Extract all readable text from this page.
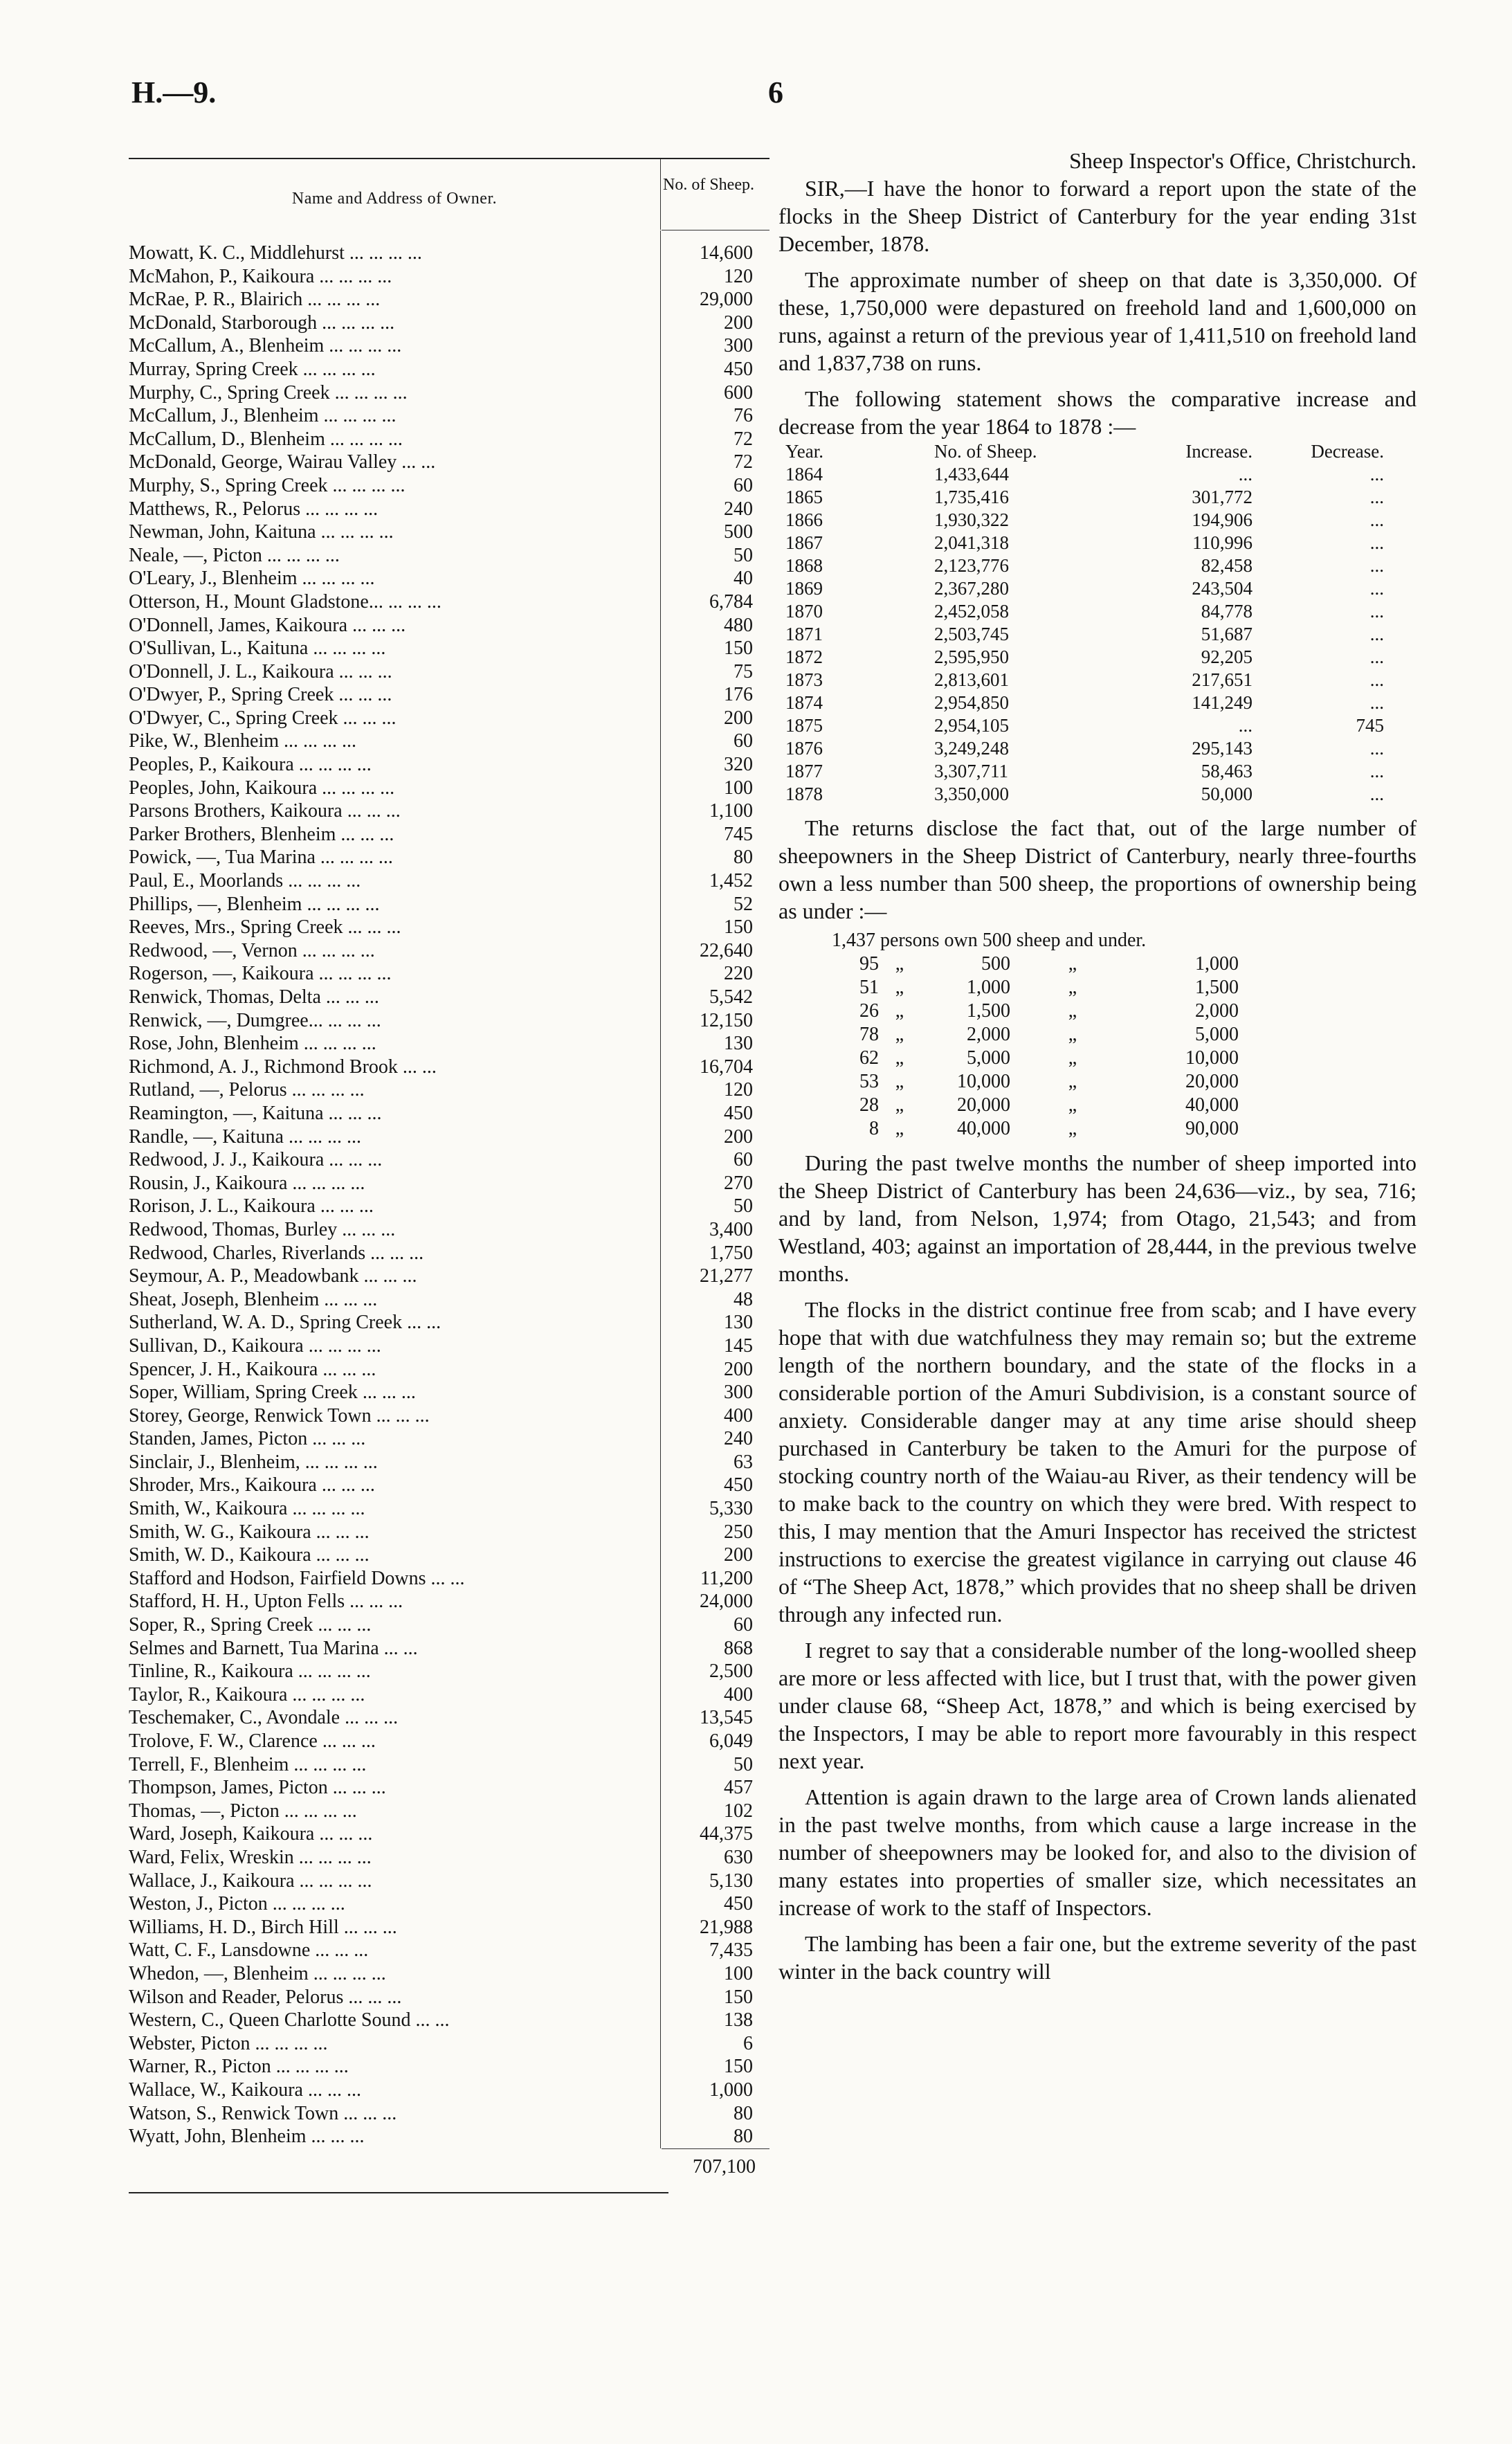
H.—9.	6
Name and Address of Owner.
No. of Sheep.
Mowatt, K. C., Middlehurst ... ... ... ...	14,600
McMahon, P., Kaikoura ... ... ... ...	120
McRae, P. R., Blairich ... ... ... ...	29,000
McDonald, Starborough ... ... ... ...	200
McCallum, A., Blenheim ... ... ... ...	300
Murray, Spring Creek ... ... ... ...	450
Murphy, C., Spring Creek ... ... ... ...	600
McCallum, J., Blenheim ... ... ... ...	76
McCallum, D., Blenheim ... ... ... ...	72
McDonald, George, Wairau Valley ... ...	72
Murphy, S., Spring Creek ... ... ... ...	60
Matthews, R., Pelorus ... ... ... ...	240
Newman, John, Kaituna ... ... ... ...	500
Neale, —, Picton ... ... ... ...	50
O'Leary, J., Blenheim ... ... ... ...	40
Otterson, H., Mount Gladstone... ... ... ...	6,784
O'Donnell, James, Kaikoura ... ... ...	480
O'Sullivan, L., Kaituna ... ... ... ...	150
O'Donnell, J. L., Kaikoura ... ... ...	75
O'Dwyer, P., Spring Creek ... ... ...	176
O'Dwyer, C., Spring Creek ... ... ...	200
Pike, W., Blenheim ... ... ... ...	60
Peoples, P., Kaikoura ... ... ... ...	320
Peoples, John, Kaikoura ... ... ... ...	100
Parsons Brothers, Kaikoura ... ... ...	1,100
Parker Brothers, Blenheim ... ... ...	745
Powick, —, Tua Marina ... ... ... ...	80
Paul, E., Moorlands ... ... ... ...	1,452
Phillips, —, Blenheim ... ... ... ...	52
Reeves, Mrs., Spring Creek ... ... ...	150
Redwood, —, Vernon ... ... ... ...	22,640
Rogerson, —, Kaikoura ... ... ... ...	220
Renwick, Thomas, Delta ... ... ...	5,542
Renwick, —, Dumgree... ... ... ...	12,150
Rose, John, Blenheim ... ... ... ...	130
Richmond, A. J., Richmond Brook ... ...	16,704
Rutland, —, Pelorus ... ... ... ...	120
Reamington, —, Kaituna ... ... ...	450
Randle, —, Kaituna ... ... ... ...	200
Redwood, J. J., Kaikoura ... ... ...	60
Rousin, J., Kaikoura ... ... ... ...	270
Rorison, J. L., Kaikoura ... ... ...	50
Redwood, Thomas, Burley ... ... ...	3,400
Redwood, Charles, Riverlands ... ... ...	1,750
Seymour, A. P., Meadowbank ... ... ...	21,277
Sheat, Joseph, Blenheim ... ... ...	48
Sutherland, W. A. D., Spring Creek ... ...	130
Sullivan, D., Kaikoura ... ... ... ...	145
Spencer, J. H., Kaikoura ... ... ...	200
Soper, William, Spring Creek ... ... ...	300
Storey, George, Renwick Town ... ... ...	400
Standen, James, Picton ... ... ...	240
Sinclair, J., Blenheim, ... ... ... ...	63
Shroder, Mrs., Kaikoura ... ... ...	450
Smith, W., Kaikoura ... ... ... ...	5,330
Smith, W. G., Kaikoura ... ... ...	250
Smith, W. D., Kaikoura ... ... ...	200
Stafford and Hodson, Fairfield Downs ... ...	11,200
Stafford, H. H., Upton Fells ... ... ...	24,000
Soper, R., Spring Creek ... ... ...	60
Selmes and Barnett, Tua Marina ... ...	868
Tinline, R., Kaikoura ... ... ... ...	2,500
Taylor, R., Kaikoura ... ... ... ...	400
Teschemaker, C., Avondale ... ... ...	13,545
Trolove, F. W., Clarence ... ... ...	6,049
Terrell, F., Blenheim ... ... ... ...	50
Thompson, James, Picton ... ... ...	457
Thomas, —, Picton ... ... ... ...	102
Ward, Joseph, Kaikoura ... ... ...	44,375
Ward, Felix, Wreskin ... ... ... ...	630
Wallace, J., Kaikoura ... ... ... ...	5,130
Weston, J., Picton ... ... ... ...	450
Williams, H. D., Birch Hill ... ... ...	21,988
Watt, C. F., Lansdowne ... ... ...	7,435
Whedon, —, Blenheim ... ... ... ...	100
Wilson and Reader, Pelorus ... ... ...	150
Western, C., Queen Charlotte Sound ... ...	138
Webster, Picton ... ... ... ...	6
Warner, R., Picton ... ... ... ...	150
Wallace, W., Kaikoura ... ... ...	1,000
Watson, S., Renwick Town ... ... ...	80
Wyatt, John, Blenheim ... ... ...	80
707,100
Sheep Inspector's Office, Christchurch.

SIR,—I have the honor to forward a report upon the state of the flocks in the Sheep District of Canterbury for the year ending 31st December, 1878.

The approximate number of sheep on that date is 3,350,000. Of these, 1,750,000 were depastured on freehold land and 1,600,000 on runs, against a return of the previous year of 1,411,510 on freehold land and 1,837,738 on runs.

The following statement shows the comparative increase and decrease from the year 1864 to 1878 :—

Year.	No. of Sheep.	Increase.	Decrease.
1864	1,433,644	...	...
1865	1,735,416	301,772	...
1866	1,930,322	194,906	...
1867	2,041,318	110,996	...
1868	2,123,776	82,458	...
1869	2,367,280	243,504	...
1870	2,452,058	84,778	...
1871	2,503,745	51,687	...
1872	2,595,950	92,205	...
1873	2,813,601	217,651	...
1874	2,954,850	141,249	...
1875	2,954,105	...	745
1876	3,249,248	295,143	...
1877	3,307,711	58,463	...
1878	3,350,000	50,000	...

The returns disclose the fact that, out of the large number of sheepowners in the Sheep District of Canterbury, nearly three-fourths own a less number than 500 sheep, the proportions of ownership being as under :—

1,437 persons own 500 sheep and under.
95 „	500	„	1,000
51 „	1,000	„	1,500
26 „	1,500	„	2,000
78 „	2,000	„	5,000
62 „	5,000	„	10,000
53 „	10,000	„	20,000
28 „	20,000	„	40,000
8 „	40,000	„	90,000

During the past twelve months the number of sheep imported into the Sheep District of Canterbury has been 24,636—viz., by sea, 716; and by land, from Nelson, 1,974; from Otago, 21,543; and from Westland, 403; against an importation of 28,444, in the previous twelve months.

The flocks in the district continue free from scab; and I have every hope that with due watchfulness they may remain so; but the extreme length of the northern boundary, and the state of the flocks in a considerable portion of the Amuri Subdivision, is a constant source of anxiety. Considerable danger may at any time arise should sheep purchased in Canterbury be taken to the Amuri for the purpose of stocking country north of the Waiau-au River, as their tendency will be to make back to the country on which they were bred. With respect to this, I may mention that the Amuri Inspector has received the strictest instructions to exercise the greatest vigilance in carrying out clause 46 of “The Sheep Act, 1878,” which provides that no sheep shall be driven through any infected run.

I regret to say that a considerable number of the long-woolled sheep are more or less affected with lice, but I trust that, with the power given under clause 68, “Sheep Act, 1878,” and which is being exercised by the Inspectors, I may be able to report more favourably in this respect next year.

Attention is again drawn to the large area of Crown lands alienated in the past twelve months, from which cause a large increase in the number of sheepowners may be looked for, and also to the division of many estates into properties of smaller size, which necessitates an increase of work to the staff of Inspectors.

The lambing has been a fair one, but the extreme severity of the past winter in the back country will
